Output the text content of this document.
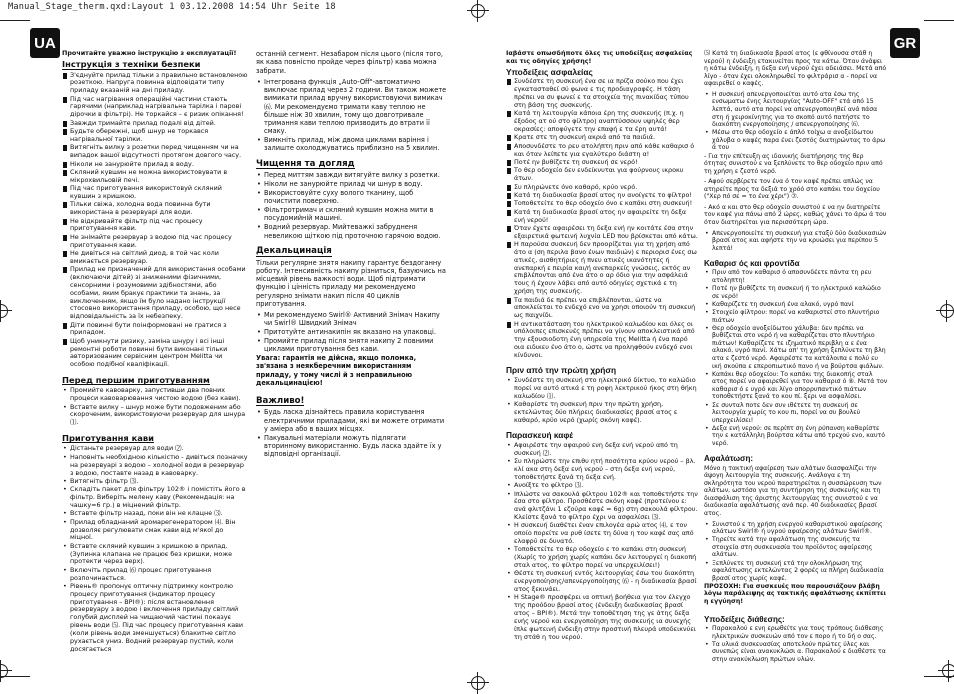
Manual_Stage_therm.qxd:Layout 1 03.12.2008 14:54 Uhr Seite 18
UA	GR

Прочитайте уважно інструкцію з експлуатації!

Інструкція з техніки безпеки
З'єднуйте прилад тільки з правильно встановленою розеткою. Напруга повинна відповідати типу приладу вказаній на дні приладу.
Під час нагрівання операційні частини стають гарячими (наприклад нагрівальна тарілка і парові дірочки в фільтрі). Не торкайся – є ризик опікання!
Завжди тримайте прилад подалі від дітей.
Будьте обережні, щоб шнур не торкався нагрівальної тарілки.
Витягніть вилку з розетки перед чищенням чи на випадок вашої відсутності протягом довгого часу.
Ніколи не занурюйте прилад в воду.
Скляний кувшин не можна використовувати в мікрохвильовій печі.
Під час приготування використовуй скляний кувшин з кришкою.
Тільки свіжа, холодна вода повинна бути використана в резервуарі для води.
Не відкривайте фільтр під час процесу приготування кави.
Не знімайте резервуар з водою під час процесу приготування кави.
Не дивіться на світлий диод, в той час коли вмикається резервуар.
Прилад не призначений для використання особами (включаючи дітей) зі зниженими фізичними, сенсорними і розумовими здібностями, або особами, яким бракує практики та знань, за виключенням, якщо їм було надано інструкції стосовно використання приладу, особою, що несе відповідальність за їх небезпеку.
Діти повинні бути поінформовані не гратися з приладом.
Щоб уникнути ризику, заміна шнуру і всі інші ремонтні роботи повинні бути виконані тільки авторизованим сервісним центром Melitta чи особою подібної кваліфікації.
Перед першим приготуванням
• Промийте кавоварку, запустивши два повних процеси кавоварювання чистою водою (без кави).
• Вставте вилку – шнур може бути подовженим або скороченим, використовуючи резервуар для шнура ⑴.
Приготування кави
• Дістаньте резервуар для води ⑵.
• Наповніть необхідною кількістю - дивіться позначку на резервуарі з водою – холодної води в резервуар з водою, поставте назад в кавоварку.
• Витягніть фільтр ⑶.
• Складіть пакет для фільтру 102® і помістіть його в фільтр. Виберіть мелену каву (Рекомендація: на чашку=6 гр.) в міцнений фільтр.
• Вставте фільтр назад, поки він не клацне ⑶.
• Прилад обладнаний аромарегенератором ⑷. Він дозволяє регулювати смак кави від м'якої до міцної.
• Вставте скляний кувшин з кришкою в прилад. (Зупинка клапана не працює без кришки, може протекти через верх).
• Включіть прилад ⑹ процес приготування розпочинається.
• Рівень® пропонує оптичну підтримку контролю процесу приготування (індикатор процесу приготування – BPI®): після встановлення резервуару з водою і включення приладу світлий голубий дисплей на чищаючий частині показує рівень води ⑸. Під час процесу приготування кави (коли рівень води зменшується) блакитне світло рухається униз. Водний резервуар пустий, коли досягається

останній сегмент. Незабаром після цього (після того, як кава повністю пройде через фільтр) кава можна забрати.

• Інтегрована функція „Auto-Off"-автоматично виключає прилад через 2 години. Ви також можете вимикати прилад вручну використовуючи вимикач ⑹. Ми рекомендуємо тримати каву теплою не більше ніж 30 хвилин, тому що довготривале тримання кави теплою призводить до втрати її смаку.
• Вимкніть прилад, між двома циклами варіння і залиште охолоджуватись приблизно на 5 хвилин.
Чищення та догляд
• Перед миттям завжди витягуйте вилку з розетки.
• Ніколи не занурюйте прилад чи шнур в воду.
• Використовуйте суху волого тканину, щоб почистити поверхню.
• Фільтротримач и скляний кувшин можна мити в посудомийній машині.
• Водний резервуар. Мийтеважкі забрудненя невеликою щіткою під проточною гарячою водою.
Декальцинація

Тільки регулярне знятя накипу гарантує бездоганну роботу. Інтенсивність накипу різниться, базуючись на місцевий рівень важкості води. Щоб підтримати функцію і цінність приладу ми рекомендуємо регулярно знімати накип після 40 циклів приготування.

• Ми рекомендуємо Swirl® Активний Знімач Накипу чи Swirl® Швидкий Знімач
• Притотуйте антинакипін як вказано на упаковці.
• Промийте прилад після знятя накипу 2 повними циклами приготування без кави.

Увага: гарантія не дійсна, якщо поломка, зв'язана з неякберечним використанням приладу, у тому числі й з неправильною декальцинацією!

Важливо!
• Будь ласка дізнайтесь правила користування електричними приладами, які ви можете отримати у аміера або в ваших місцях.
• Пакувальні матеріали можуть підлягати вторинному використанню. Будь ласка здайте їх у відповідні організації.

Ιαβάστε οπωσδήποτε όλες τις υποδείξεις ασφαλείας και τις οδηγίες χρήσης!

Υποδείξεις ασφαλείας
Συνδέστε τη συσκευή ένα σε ια πρίζα σούκο που έχει εγκατασταθεί σύ φωνα ε τις προδιαγραφές. Η τάση πρέπει να συ φωνεί ε τα στοιχεία της πινακίδας τύπου στη βάση της συσκευής.
Κατά τη λειτουργία κάποια έρη της συσκευής (π.χ. η έξοδος ατ ού στο φίλτρο) αναπτύσσουν υψηλές θερ οκρασίες: αποφύγετε την επαφή ε τα έρη αυτά!
Κρατε στε τη συσκευή ακριά από τα παιδιά.
Αποσυνδέστε το ρευ ατολήπτη πριν από κάθε καθαρισ ό και όταν λείπετε για εγαλύτερο διάστη α!
Ποτέ ην βυθίζετε τη συσκευή σε νερό!
Το θερ οδοχείο δεν ενδείκνυται για φούρνους ικροκυ άτων.
Συ πληρώνετε όνο καθαρό, κρύο νερό.
Κατά τη διαδικασία βρασί ατος ην ανοίγετε το φίλτρο!
Τοποθετείτε το θερ οδοχείο όνο ε καπάκι στη συσκευή!
Κατά τη διαδικασία βρασί ατος ην αφαιρείτε τη δεξα ενή νερού!
Όταν έχετε αφαιρέσει τη δεξα ενή ην κοιτάτε έσα στην εξαιρετικά φωτεινή λυχνία LED που βρίσκεται από κάτω.
Η παρούσα συσκευή δεν προορίζεται για τη χρήση από άτο α (ση περιλα βανο ένων παιδιών) ε περιορισ ένες σω ατικές, αισθητήριες ή πνευ ατικές ικανότητες ή ανεπαρκή ε πειρία και/ή ανεπαρκείς γνώσεις, εκτός αν επιβλέπονται από ένα άτο ο αρ όδιο για την ασφάλειά τους ή έχουν λάβει από αυτό οδηγίες σχετικά ε τη χρήση της συσκευής.
Τα παιδιά δε πρέπει να επιβλέπονται, ώστε να αποκλείεται το ενδεχό ενο να χρησι οποιούν τη συσκευή ως παιχνίδι.
Η αντικατάσταση του ηλεκτρικού καλωδίου και όλες οι υπόλοιπες επισκευές πρέπει να γίνουν αποκλειστικά από την εξουσιοδοτη ένη υπηρεσία της Melitta ή ένα παρό οια ειδικευ ένο άτο ο, ώστε να προληφθούν ενδεχό ενοι κίνδυνοι.
Πριν από την πρώτη χρήση
• Συνδέστε τη συσκευή στο ηλεκτρικό δίκτυο, το καλώδιο πορεί να αυτό ατικά ε τη ροφη λεκτρικού ήκος στη θήκη καλωδίου ⑴.
• Καθαρίστε τη συσκευή πριν την πρώτη χρήση, εκτελώντας δύο πλήρεις διαδικασίες βρασί ατος ε καθαρό, κρύο νερό (χωρίς σκόνη καφέ).
Παρασκευή καφέ
• Αφαιρέστε την αφαιρού ενη δεξα ενή νερού από τη συσκευή ⑵.
• Συ πληρώστε την επιθυ ητή ποσότητα κρύου νερού – βλ. κλί ακα στη δεξα ενή νερού – στη δεξα ενή νερού, τοποθετήστε ξανά τη δεξα ενή.
• Ανοίξτε το φίλτρο ⑶.
• Ιπλώστε να σακουλά φίλτρου 102® και τοποθετήστε την έσα στο φίλτρο. Προσθέστε σκόνη καφέ (προτείνου ε: ανά φλιτζάνι 1 εζούρα καφέ = 6g) στη σακουλά φίλτρου. Κλείστε ξανά το φίλτρο έχρι να ασφαλίσει ⑶.
• Η συσκευή διαθέτει έναν επιλογέα αρώ ατος ⑷, ε τον οποίο πορείτε να ρυθ ίσετε τη δύνα η του καφέ σας από ελαφρύ σε δυνατό.
• Τοποθετείτε το θερ οδοχείο ε το καπάκι στη συσκευή (Χωρίς το χρήση χωρίς καπάκι δεν λειτουργεί η διακοπή σταλ ατος, το φίλτρο πορεί να υπερχειλίσει!)
• Θέστε τη συσκευή εντός λειτουργίας έσω του διακόπτη ενεργοποίησης/απενεργοποίησης ⑹ - η διαδικασία βρασί ατος ξεκινάει.
• Η Stage® προσφέρει ια οπτική βοήθεια για τον έλεγχο της προόδου βρασί ατος (ένδειξη διαδικασίας βρασί ατος – BPI®). Μετά την τοποθέτηση της γε άτης δεξα ενής νερού και ενεργοποίηση της συσκευής ια συνεχής ίπλε φωτεινή ένδειξη στην προστινή πλευρά υποδεικνύει τη στάθ η του νερού.

⑸ Κατά τη διαδικασία βρασί ατος (ε φθίνουσα στάθ η νερού) η ένδειξη ετακινείται προς τα κάτω. Όταν άνάψει η κάτω ένδειξη, η δεξα ενή νερού έχει αδειάσει. Μετά από λίγο - όταν έχει ολοκληρωθεί το φιλτράρισ α - πορεί να αφαιρεθεί ο καφές.

• Η συσκευή απενεργοποιείται αυτό ατα έσω της ενσωματω ένης λειτουργίας "Auto-OFF" ετά από 15 λεπτά, αυτό ατα πορεί να απενεργοποιηθεί ανά πάσα στη ή χειροκίνητης για το σκοπό αυτό πατήστε το διακόπτη ενεργοποίησης / απενεργοποίησης ⑹.
• Μέσω στο θερ οδοχείο ε άπλό τοίχω α ανοξείδωτου χάλυβα ο καφές παρα ένει ζεστός διατηρώντας το άρω ά του

- Για την επίτευξη ας ιδανικής διατήρησης της θερ ότητας συνιστού ε να ξεπλύνετε το θερ οδοχείο πριν από τη χρήση ε ζεστό νερό.

- Αφού σερβίρετε τον ένα ό τον καφέ πρέπει απλώς να ατηρείτε προς τα δεξιά το χρόό στο καπάκι του δοχείου ("Χερ πό σε = το ένα χέρι") ⑦.

- Ακό α και στο θερ οδοχείο συνιστού ε να ην διατηρείτε τον καφέ για πάνω από 2 ώρες, καθώς χάνει το άρω ά του όταν διατηρείται για περισσότερη ώρα.

• Απενεργοποιείτε τη συσκευή για εταξύ δύο διαδικασιών βρασί ατος και αφήστε την να κρυώσει για περίπου 5 λεπτά!
Καθαρισ ός και φροντίδα
• Πριν από τον καθαρισ ό αποσυνδέετε πάντα τη ρευ ατοληπτη!
• Ποτέ ην βυθίζετε τη συσκευή ή το ηλεκτρικό καλώδιο σε νερό!
• Καθαρίζετε τη συσκευή ένα αλακό, υγρό πανί
• Στοιχείο φίλτρου: πορεί να καθαριστεί στο πλυντήριο πιάτων
• Θερ οδοχείο ανοξείδωτου χάλυβα: δεν πρέπει να βυθίζεται στο νερό ή να καθαρίζεται στο πλυντήριο πιάτων! Καθαρίζετε τε ιζηματικό περιβλη α ε ένα αλακό, υγρό πανί. Χάτω απ' τη χρήση ξεπλύνετε τη βλη ατα ε ζεστό νερό. Αφαιρέστε τα κατάλοιπα ε πολύ ευ ική σκούπα ε επεροπιωτικό πανο ή να βούρτσα φιάλων.
• Καπάκι θερ οδοχείου: Το καπάκι της διακοπής σταλ ατος πορεί να αφαιρεθεί για τον καθαρισ ό ⑧. Μετά τον καθαρισ ό ε υγρό και λίγο απορρυπαντικό πιάτων τοποθετήστε ξανά το κου πί. ξερι να ασφαλίσει.
• Σε συνταλ ποτε δεν συν ιθέτετε τη συσκευή σε λειτουργία χωρίς το κου πι, πορεί να συ βουλεύ υπερχειλίσει!
• Δεξα ενή νερού: σε περίπτ ση ένη ρύπανση καθαρίστε την ε κατάλληλη βούρτσα κάτω από τρεχού ενο, καυτό νερό.
Αφαλάτωση:

Μόνο η τακτική αφαίρεση των αλάτων διασφαλίζει την άψογη λειτουργία της συσκευής. Ανάλογα ε τη σκληρότητα του νερού παρατηρείται η συσσώρευση των αλάτων, ωστόσο για τη συντήρηση της συσκευής και τη διασφάλιση της άριστης λειτουργίας της συνιστού ε να διαδικασία αφαλάτωσης ανά περ. 40 διαδικασίες βρασί ατος.

• Συνιστού ε τη χρήση ενεργού καθαριστικού αφαίρεσης αλάτων Swirl® ή υγρού αφαίρεσης αλάτων Swirl®.
• Τηρείτε κατά την αφαλάτωση της συσκευής τα στοιχεία στη συσκευασία του προϊόντος αφαίρεσης αλάτων.
• Ξεπλύνετε τη συσκευή ετά την ολοκλήρωση της αφαλάτωσης εκτελώντας 2 φορές ια πλήρη διαδικασία βρασί ατος χωρίς καφέ.

ΠΡΟΣΟΧΗ: Για συσκευές που παρουσιάζουν βλάβη λόγω παράλειψης ας τακτικής αφαλάτωσης εκπίπτει η εγγύηση!

Υποδείξεις διάθεσης:
• Παρακαλού ε ενη ερωθείτε για τους τρόπους διάθεσης ηλεκτρικών συσκευών από τον ε πορο ή το δή ο σας.
• Τα υλικά συσκευασίας αποτελούν πρώτες ύλες και συνεπώς είναι ανακυκλώσι α. Παρακαλού ε διαθέστε τα στην ανακύκλωση πρώτων υλών.
